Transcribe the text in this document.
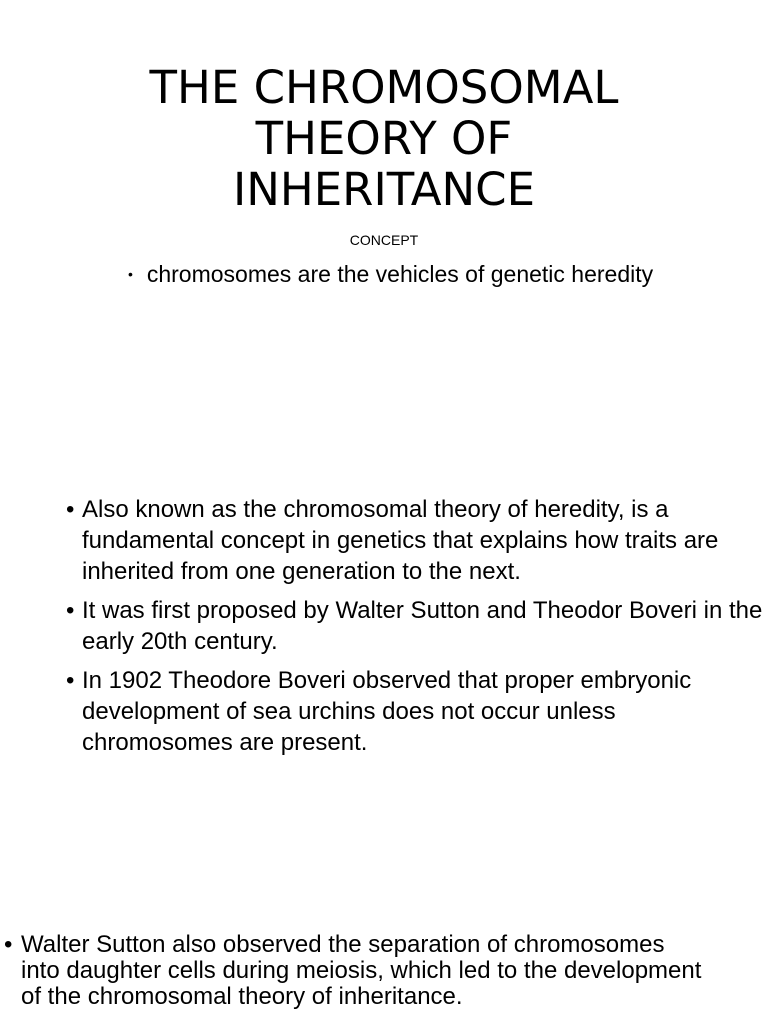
THE CHROMOSOMAL
THEORY OF
INHERITANCE
CONCEPT
• chromosomes are the vehicles of genetic heredity
• Also known as the chromosomal theory of heredity, is a fundamental concept in genetics that explains how traits are inherited from one generation to the next.
• It was first proposed by Walter Sutton and Theodor Boveri in the early 20th century.
• In 1902 Theodore Boveri observed that proper embryonic development of sea urchins does not occur unless chromosomes are present.
• Walter Sutton also observed the separation of chromosomes into daughter cells during meiosis, which led to the development of the chromosomal theory of inheritance.
